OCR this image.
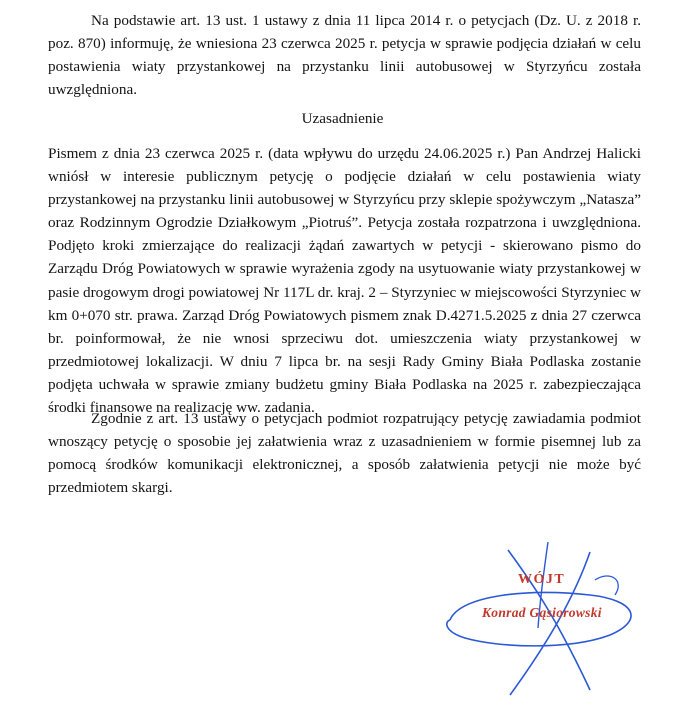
Na podstawie art. 13 ust. 1 ustawy z dnia 11 lipca 2014 r. o petycjach (Dz. U. z 2018 r. poz. 870) informuję, że wniesiona 23 czerwca 2025 r. petycja w sprawie podjęcia działań w celu postawienia wiaty przystankowej na przystanku linii autobusowej w Styrzyńcu została uwzględniona.

Uzasadnienie

Pismem z dnia 23 czerwca 2025 r. (data wpływu do urzędu 24.06.2025 r.) Pan Andrzej Halicki wniósł w interesie publicznym petycję o podjęcie działań w celu postawienia wiaty przystankowej na przystanku linii autobusowej w Styrzyńcu przy sklepie spożywczym „Natasza” oraz Rodzinnym Ogrodzie Działkowym „Piotruś”. Petycja została rozpatrzona i uwzględniona. Podjęto kroki zmierzające do realizacji żądań zawartych w petycji - skierowano pismo do Zarządu Dróg Powiatowych w sprawie wyrażenia zgody na usytuowanie wiaty przystankowej w pasie drogowym drogi powiatowej Nr 117L dr. kraj. 2 – Styrzyniec w miejscowości Styrzyniec w km 0+070 str. prawa. Zarząd Dróg Powiatowych pismem znak D.4271.5.2025 z dnia 27 czerwca br. poinformował, że nie wnosi sprzeciwu dot. umieszczenia wiaty przystankowej w przedmiotowej lokalizacji. W dniu 7 lipca br. na sesji Rady Gminy Biała Podlaska zostanie podjęta uchwała w sprawie zmiany budżetu gminy Biała Podlaska na 2025 r. zabezpieczająca środki finansowe na realizację ww. zadania.

Zgodnie z art. 13 ustawy o petycjach podmiot rozpatrujący petycję zawiadamia podmiot wnoszący petycję o sposobie jej załatwienia wraz z uzasadnieniem w formie pisemnej lub za pomocą środków komunikacji elektronicznej, a sposób załatwienia petycji nie może być przedmiotem skargi.

WÓJT
Konrad Gąsiorowski
